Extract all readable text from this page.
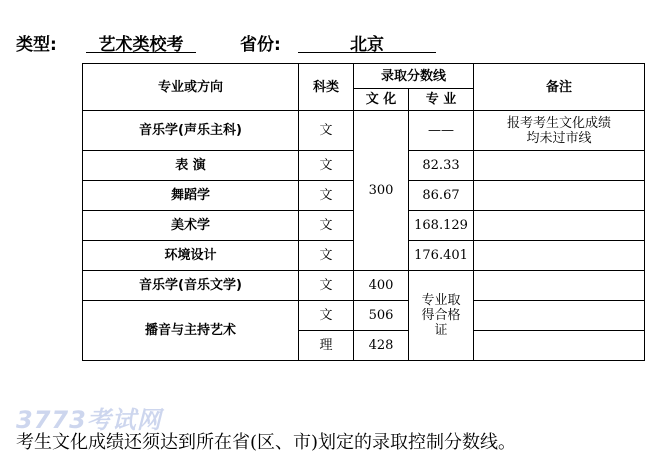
类型:	艺术类校考	省份:	北京
专业或方向	科类	录取分数线		备注
		文 化	专 业	
音乐学(声乐主科)	文	300	——	报考考生文化成绩均未过市线
表 演	文		82.33	
舞蹈学	文		86.67	
美术学	文		168.129	
环境设计	文		176.401	
音乐学(音乐文学)	文	400	专业取得合格证	
播音与主持艺术	文	506		
	理	428		
3773考试网
考生文化成绩还须达到所在省(区、市)划定的录取控制分数线。
